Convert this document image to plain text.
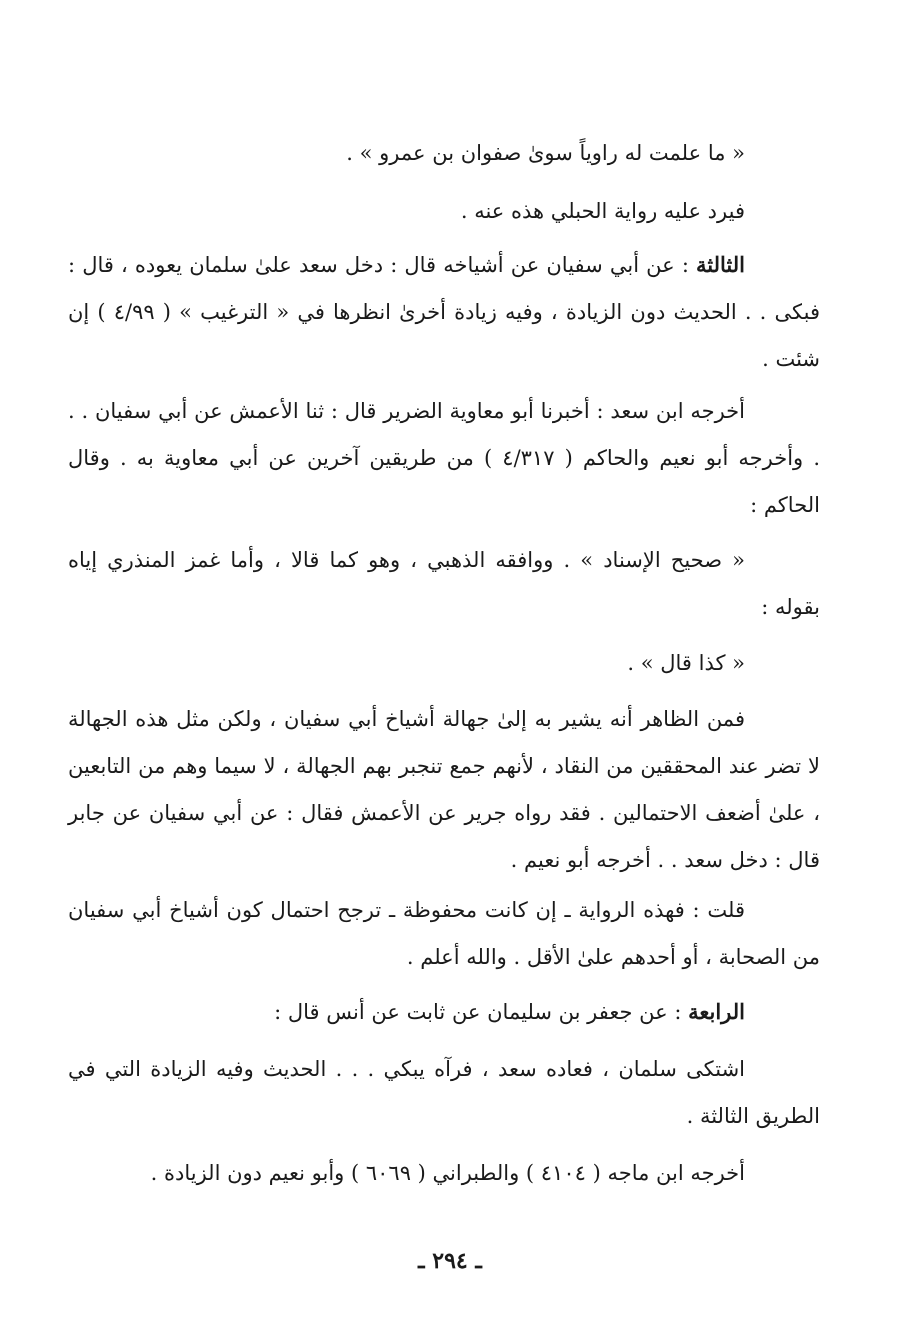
« ما علمت له راوياً سوىٰ صفوان بن عمرو » .

فيرد عليه رواية الحبلي هذه عنه .

الثالثة : عن أبي سفيان عن أشياخه قال : دخل سعد علىٰ سلمان يعوده ، قال : فبكى . . الحديث دون الزيادة ، وفيه زيادة أخرىٰ انظرها في « الترغيب » ( ٤/٩٩ ) إن شئت .

أخرجه ابن سعد : أخبرنا أبو معاوية الضرير قال : ثنا الأعمش عن أبي سفيان . . . وأخرجه أبو نعيم والحاكم ( ٤/٣١٧ ) من طريقين آخرين عن أبي معاوية به . وقال الحاكم :

« صحيح الإسناد » . ووافقه الذهبي ، وهو كما قالا ، وأما غمز المنذري إياه بقوله :

« كذا قال » .

فمن الظاهر أنه يشير به إلىٰ جهالة أشياخ أبي سفيان ، ولكن مثل هذه الجهالة لا تضر عند المحققين من النقاد ، لأنهم جمع تنجبر بهم الجهالة ، لا سيما وهم من التابعين ، علىٰ أضعف الاحتمالين . فقد رواه جرير عن الأعمش فقال : عن أبي سفيان عن جابر قال : دخل سعد . . أخرجه أبو نعيم .

قلت : فهذه الرواية ـ إن كانت محفوظة ـ ترجح احتمال كون أشياخ أبي سفيان من الصحابة ، أو أحدهم علىٰ الأقل . والله أعلم .

الرابعة : عن جعفر بن سليمان عن ثابت عن أنس قال :

اشتكى سلمان ، فعاده سعد ، فرآه يبكي . . . الحديث وفيه الزيادة التي في الطريق الثالثة .

أخرجه ابن ماجه ( ٤١٠٤ ) والطبراني ( ٦٠٦٩ ) وأبو نعيم دون الزيادة .

ـ ٢٩٤ ـ
